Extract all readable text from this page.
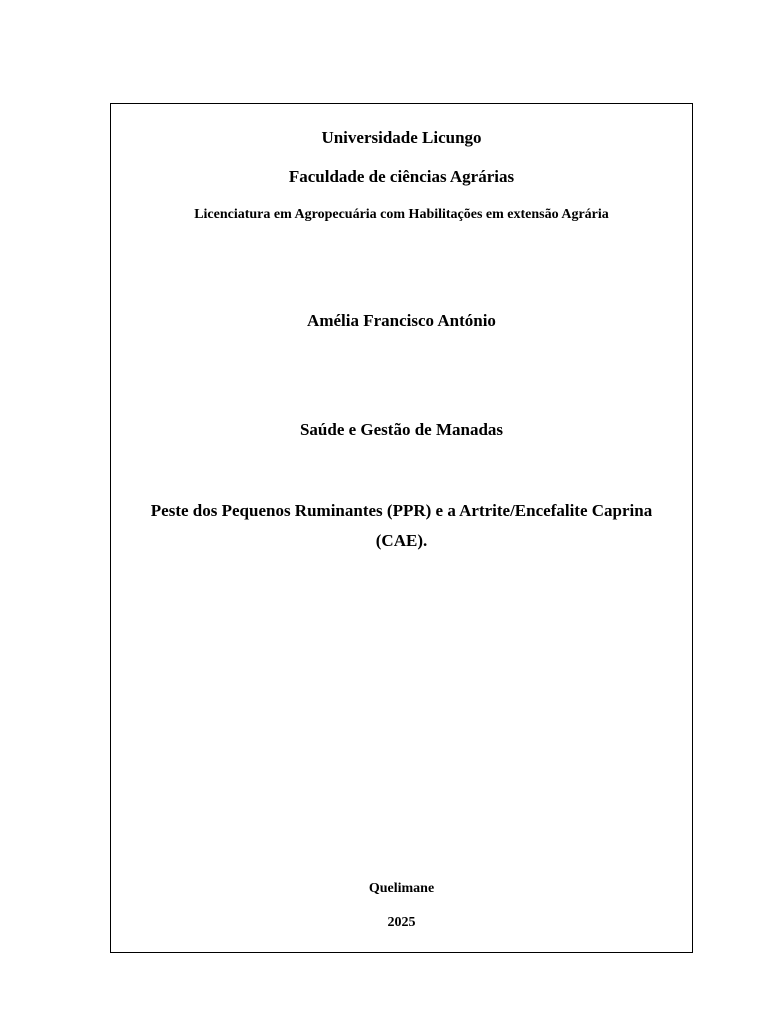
Universidade Licungo
Faculdade de ciências Agrárias
Licenciatura em Agropecuária com Habilitações em extensão Agrária
Amélia Francisco António
Saúde e Gestão de Manadas
Peste dos Pequenos Ruminantes (PPR) e a Artrite/Encefalite Caprina
(CAE).
Quelimane
2025
